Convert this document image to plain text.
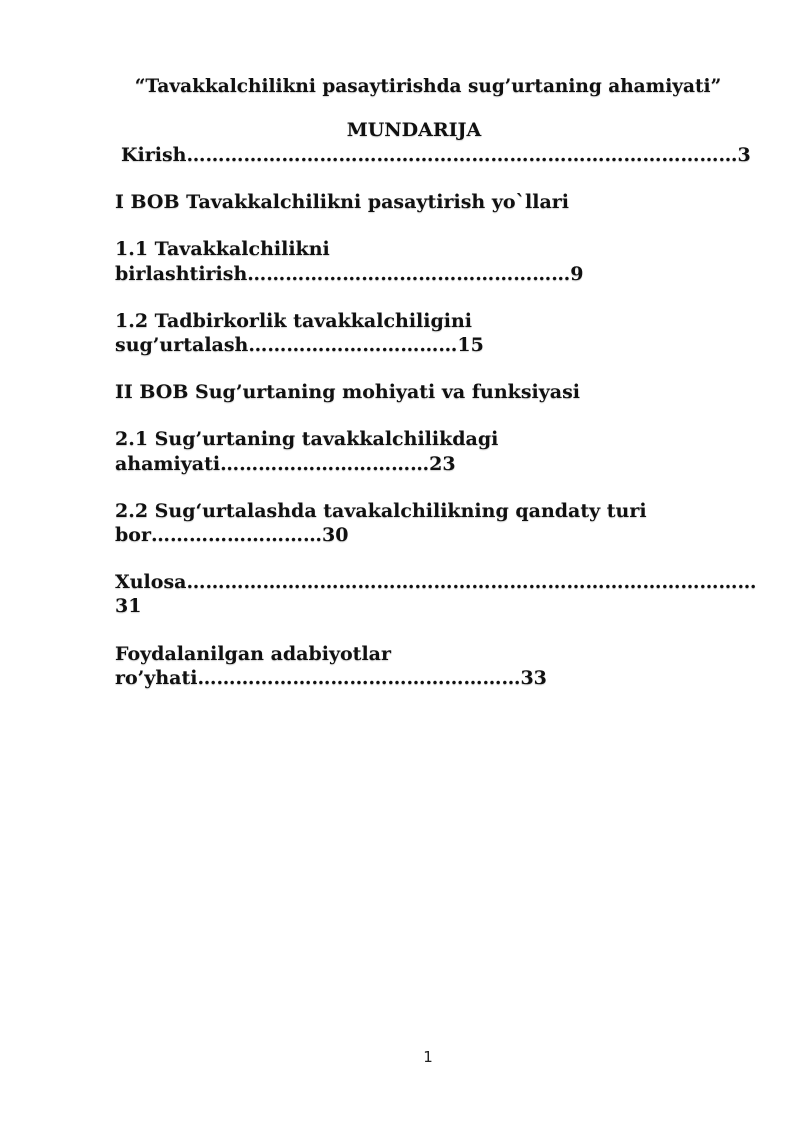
“Tavakkalchilikni pasaytirishda sug’urtaning ahamiyati”
MUNDARIJA
Kirish……………………………………………………………………………3
I BOB Tavakkalchilikni pasaytirish yo`llari
1.1 Tavakkalchilikni
birlashtirish……………………………………………9
1.2 Tadbirkorlik tavakkalchiligini
sug’urtalash……………………………15
II BOB Sug’urtaning mohiyati va funksiyasi
2.1 Sug’urtaning tavakkalchilikdagi
ahamiyati……………………………23
2.2 Sug‘urtalashda tavakalchilikning qandaty turi
bor………………………30
Xulosa………………………………………………………………………………
31
Foydalanilgan adabiyotlar
ro’yhati……………………………………………33
1
